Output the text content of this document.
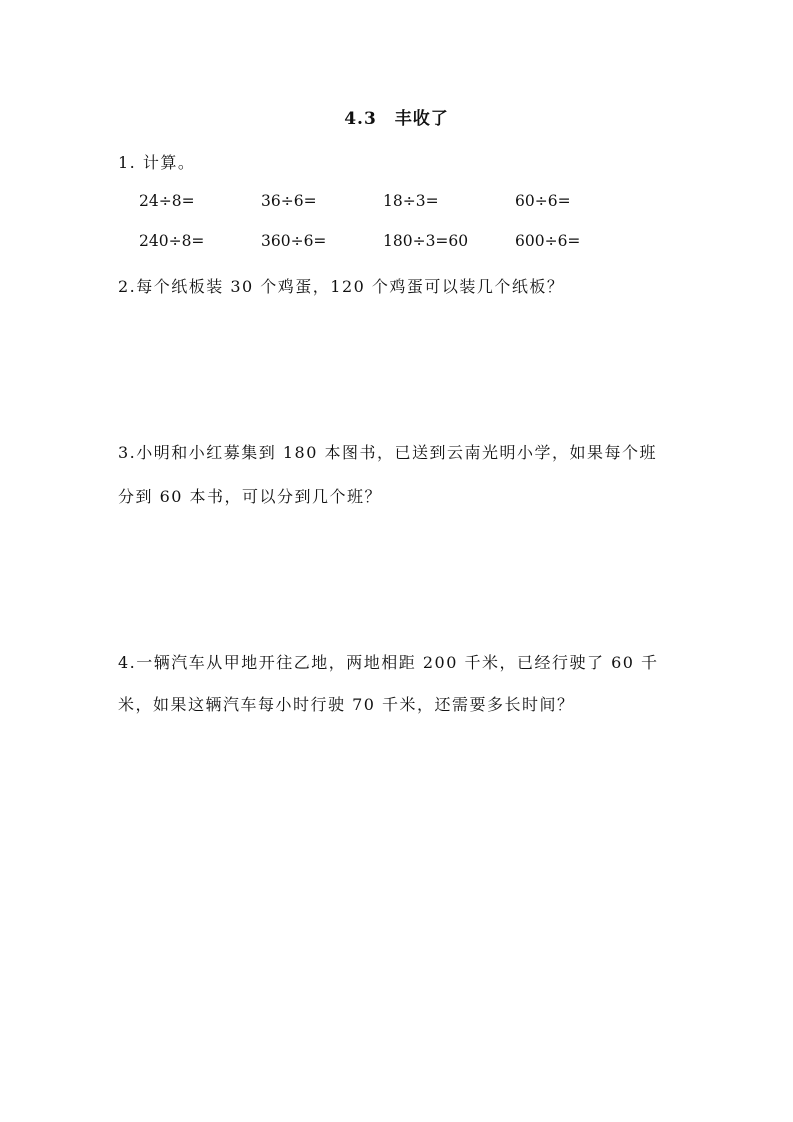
4.3 丰收了
1. 计算。
24÷8=	36÷6=	18÷3=	60÷6=
240÷8=	360÷6=	180÷3=60	600÷6=
2.每个纸板装 30 个鸡蛋，120 个鸡蛋可以装几个纸板？
3.小明和小红募集到 180 本图书，已送到云南光明小学，如果每个班
分到 60 本书，可以分到几个班？
4.一辆汽车从甲地开往乙地，两地相距 200 千米，已经行驶了 60 千
米，如果这辆汽车每小时行驶 70 千米，还需要多长时间？
